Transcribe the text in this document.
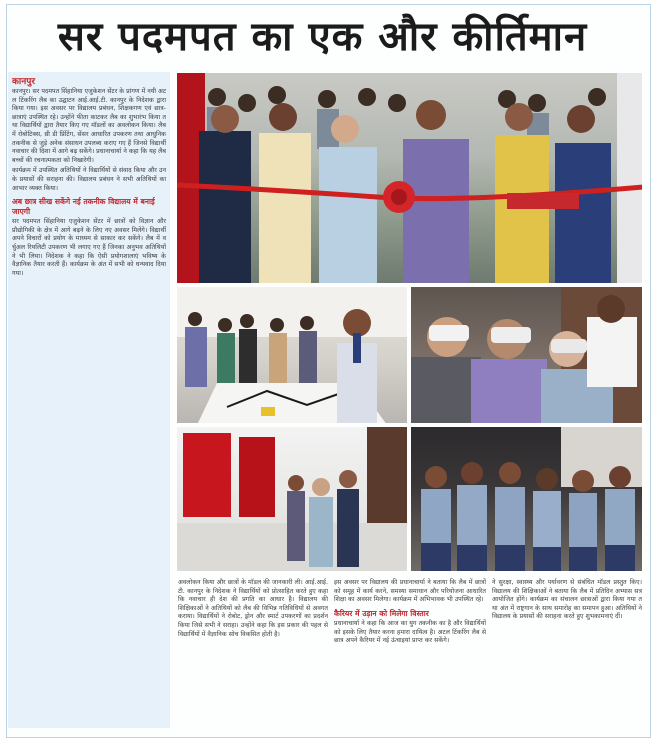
सर पदमपत का एक और कीर्तिमान
कानपुर
कानपुर। सर पदमपत सिंहानिया एजुकेशन सेंटर के प्रांगण में नयी अटल टिंकरिंग लैब का उद्घाटन आई.आई.टी. कानपुर के निदेशक द्वारा किया गया। इस अवसर पर विद्यालय प्रबंधन, शिक्षकगण एवं छात्र-छात्राएं उपस्थित रहे। उन्होंने फीता काटकर लैब का शुभारंभ किया तथा विद्यार्थियों द्वारा तैयार किए गए मॉडलों का अवलोकन किया। लैब में रोबोटिक्स, थ्री डी प्रिंटिंग, सेंसर आधारित उपकरण तथा आधुनिक तकनीक से जुड़े अनेक संसाधन उपलब्ध कराए गए हैं जिनसे विद्यार्थी नवाचार की दिशा में आगे बढ़ सकेंगे। प्रधानाचार्या ने कहा कि यह लैब बच्चों की रचनात्मकता को निखारेगी।
कार्यक्रम में उपस्थित अतिथियों ने विद्यार्थियों से संवाद किया और उनके प्रयासों की सराहना की। विद्यालय प्रबंधन ने सभी अतिथियों का आभार व्यक्त किया।
अब छात्र सीख सकेंगे नई तकनीक विद्यालय में बनाई जाएगी
सर पदमपत सिंहानिया एजुकेशन सेंटर में छात्रों को विज्ञान और प्रौद्योगिकी के क्षेत्र में आगे बढ़ने के लिए नए अवसर मिलेंगे। विद्यार्थी अपने विचारों को प्रयोग के माध्यम से साकार कर सकेंगे। लैब में वर्चुअल रियलिटी उपकरण भी लगाए गए हैं जिनका अनुभव अतिथियों ने भी लिया। निदेशक ने कहा कि ऐसी प्रयोगशालाएं भविष्य के वैज्ञानिक तैयार करती हैं। कार्यक्रम के अंत में सभी को धन्यवाद दिया गया।
अवलोकन किया और छात्रों के मॉडल की जानकारी ली। आई.आई.टी. कानपुर के निदेशक ने विद्यार्थियों को प्रोत्साहित करते हुए कहा कि नवाचार ही देश की प्रगति का आधार है। विद्यालय की शिक्षिकाओं ने अतिथियों को लैब की विभिन्न गतिविधियों से अवगत कराया। विद्यार्थियों ने रोबोट, ड्रोन और स्मार्ट उपकरणों का प्रदर्शन किया जिसे सभी ने सराहा। उन्होंने कहा कि इस प्रकार की पहल से विद्यार्थियों में वैज्ञानिक सोच विकसित होती है।
इस अवसर पर विद्यालय की प्रधानाचार्या ने बताया कि लैब में छात्रों को समूह में कार्य करने, समस्या समाधान और परियोजना आधारित शिक्षा का अवसर मिलेगा। कार्यक्रम में अभिभावक भी उपस्थित रहे।
कैरियर में उड़ान को मिलेगा विस्तार
प्रधानाचार्या ने कहा कि आज का युग तकनीक का है और विद्यार्थियों को इसके लिए तैयार करना हमारा दायित्व है। अटल टिंकरिंग लैब से छात्र अपने कैरियर में नई ऊंचाइयां प्राप्त कर सकेंगे।
ने सुरक्षा, स्वास्थ्य और पर्यावरण से संबंधित मॉडल प्रस्तुत किए। विद्यालय की शिक्षिकाओं ने बताया कि लैब में प्रतिदिन अभ्यास सत्र आयोजित होंगे। कार्यक्रम का संचालन छात्राओं द्वारा किया गया तथा अंत में राष्ट्रगान के साथ समारोह का समापन हुआ। अतिथियों ने विद्यालय के प्रयासों की सराहना करते हुए शुभकामनाएं दीं।
